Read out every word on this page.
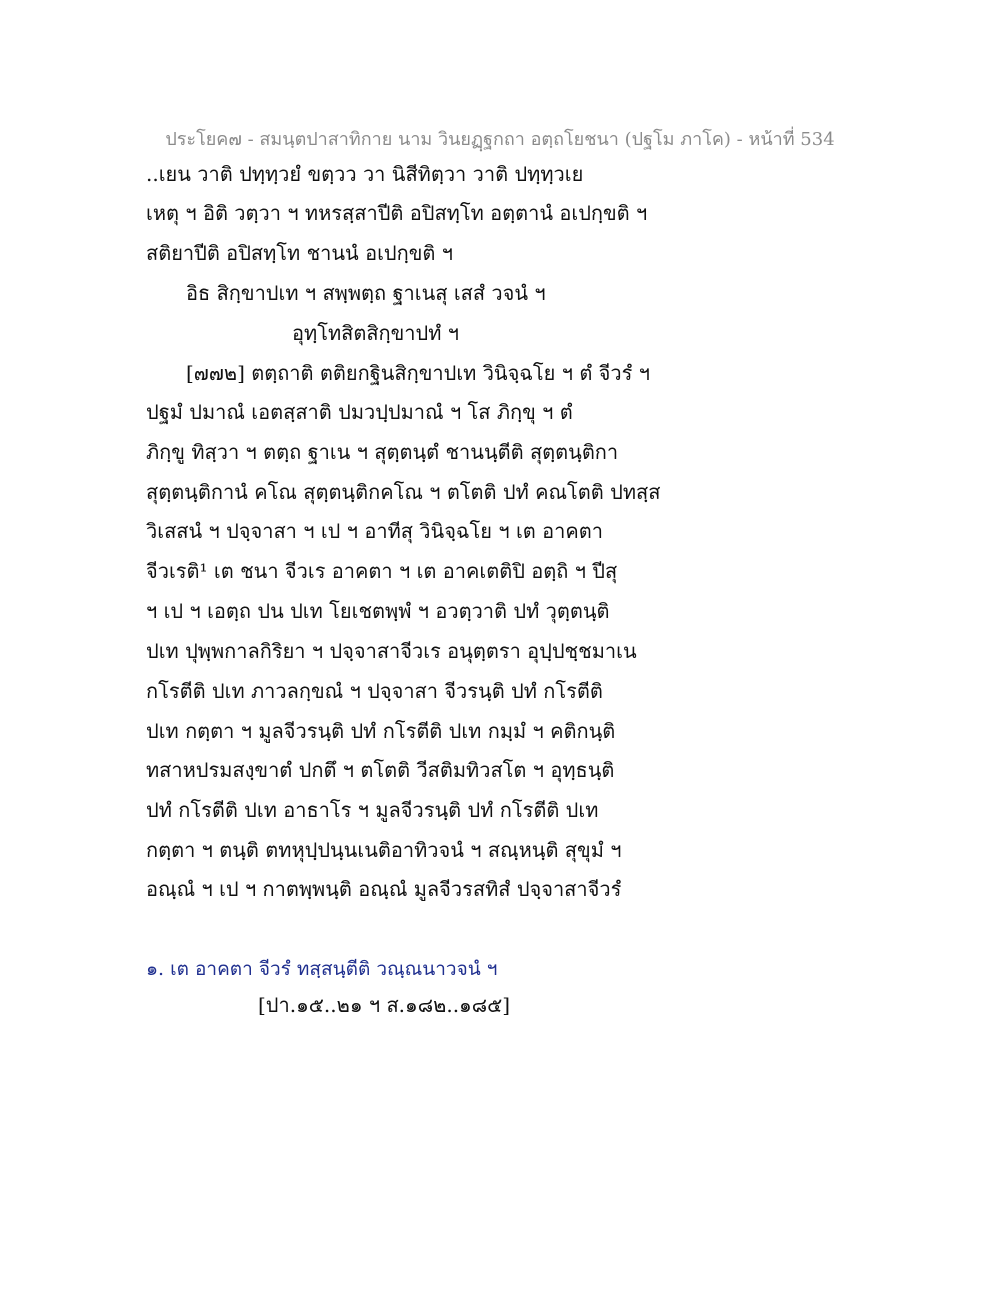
ประโยค๗ - สมนฺตปาสาทิกาย นาม วินยฏฺฐกถา อตฺถโยชนา (ปฐโม ภาโค) - หน้าที่ 534
..เยน วาติ ปทฺทฺวยํ ขตฺวว วา นิสีทิตฺวา วาติ ปทฺทฺวเย
เหตุ ฯ อิติ วตฺวา ฯ ทหรสฺสาปีติ อปิสทฺโท อตฺตานํ อเปกฺขติ ฯ
สติยาปีติ อปิสทฺโท ชานนํ อเปกฺขติ ฯ
อิธ สิกฺขาปเท ฯ สพฺพตฺถ ฐาเนสุ เสสํ วจนํ ฯ
อุทฺโทสิตสิกฺขาปทํ ฯ
[๗๗๒] ตตฺถาติ ตติยกฐินสิกฺขาปเท วินิจฺฉโย ฯ ตํ จีวรํ ฯ
ปฐมํ ปมาณํ เอตสฺสาติ ปมวปฺปมาณํ ฯ โส ภิกฺขุ ฯ ตํ
ภิกฺขู ทิสฺวา ฯ ตตฺถ ฐาเน ฯ สุตฺตนฺตํ ชานนฺตีติ สุตฺตนฺติกา
สุตฺตนฺติกานํ คโณ สุตฺตนฺติกคโณ ฯ ตโตติ ปทํ คณโตติ ปทสฺส
วิเสสนํ ฯ ปจฺจาสา ฯ เป ฯ อาทีสุ วินิจฺฉโย ฯ เต อาคตา
จีวเรติ¹ เต ชนา จีวเร อาคตา ฯ เต อาคเตติปิ อตฺถิ ฯ ปีสุ
ฯ เป ฯ เอตฺถ ปน ปเท โยเชตพฺพํ ฯ อวตฺวาติ ปทํ วุตฺตนฺติ
ปเท ปุพฺพกาลกิริยา ฯ ปจฺจาสาจีวเร อนุตฺตรา อุปฺปชฺชมาเน
กโรตีติ ปเท ภาวลกฺขณํ ฯ ปจฺจาสา จีวรนฺติ ปทํ กโรตีติ
ปเท กตฺตา ฯ มูลจีวรนฺติ ปทํ กโรตีติ ปเท กมฺมํ ฯ คติกนฺติ
ทสาหปรมสงฺขาตํ ปกตึ ฯ ตโตติ วีสติมทิวสโต ฯ อุทฺธนฺติ
ปทํ กโรตีติ ปเท อาธาโร ฯ มูลจีวรนฺติ ปทํ กโรตีติ ปเท
กตฺตา ฯ ตนฺติ ตทหุปฺปนฺนเนติอาทิวจนํ ฯ สณฺหนฺติ สุขุมํ ฯ
อณฺณํ ฯ เป ฯ กาตพฺพนฺติ อณฺณํ มูลจีวรสทิสํ ปจฺจาสาจีวรํ
๑. เต อาคตา จีวรํ ทสฺสนฺตีติ วณฺณนาวจนํ ฯ
[ปา.๑๕..๒๑ ฯ ส.๑๘๒..๑๘๕]
